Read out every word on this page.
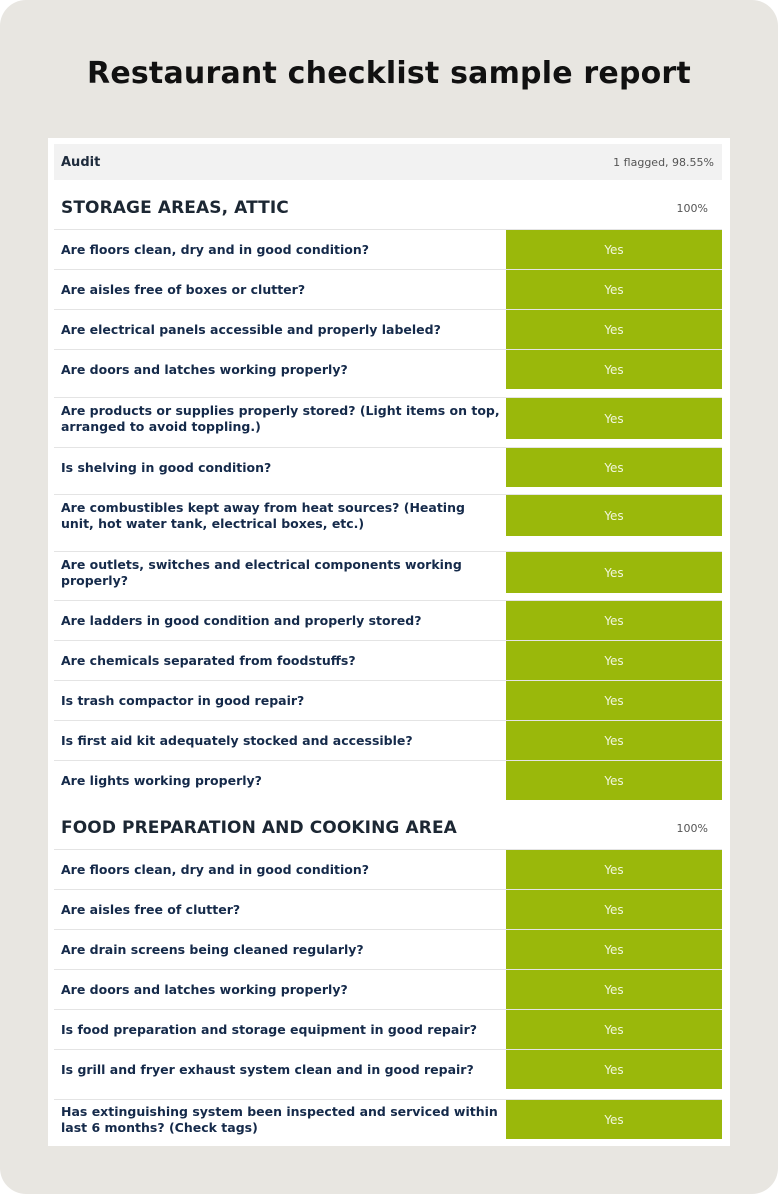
Restaurant checklist sample report
Audit	1 flagged, 98.55%
STORAGE AREAS, ATTIC	100%
Are floors clean, dry and in good condition?	Yes
Are aisles free of boxes or clutter?	Yes
Are electrical panels accessible and properly labeled?	Yes
Are doors and latches working properly?	Yes
Are products or supplies properly stored? (Light items on top, arranged to avoid toppling.)	Yes
Is shelving in good condition?	Yes
Are combustibles kept away from heat sources? (Heating unit, hot water tank, electrical boxes, etc.)	Yes
Are outlets, switches and electrical components working properly?	Yes
Are ladders in good condition and properly stored?	Yes
Are chemicals separated from foodstuffs?	Yes
Is trash compactor in good repair?	Yes
Is first aid kit adequately stocked and accessible?	Yes
Are lights working properly?	Yes
FOOD PREPARATION AND COOKING AREA	100%
Are floors clean, dry and in good condition?	Yes
Are aisles free of clutter?	Yes
Are drain screens being cleaned regularly?	Yes
Are doors and latches working properly?	Yes
Is food preparation and storage equipment in good repair?	Yes
Is grill and fryer exhaust system clean and in good repair?	Yes
Has extinguishing system been inspected and serviced within last 6 months? (Check tags)	Yes
